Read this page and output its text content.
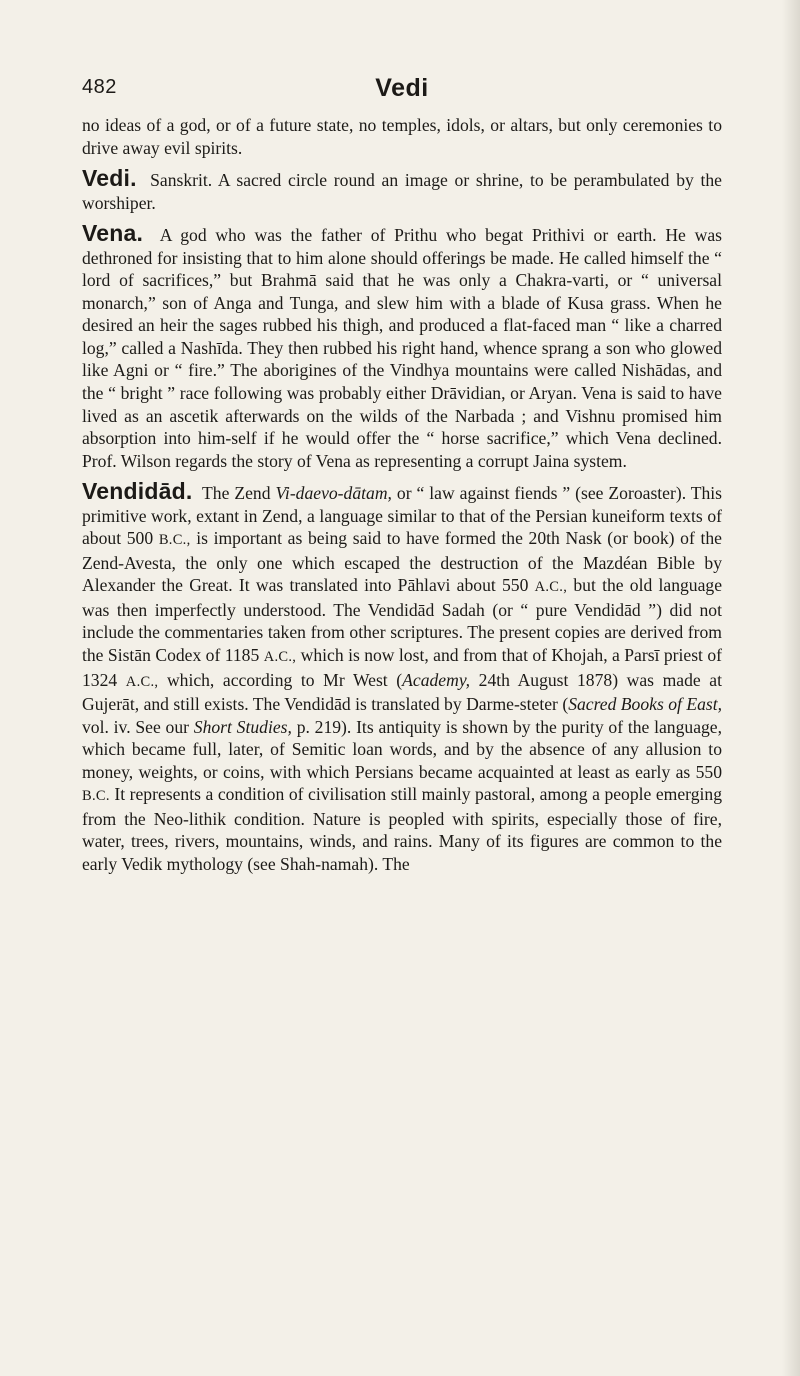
482	Vedi

no ideas of a god, or of a future state, no temples, idols, or altars, but only ceremonies to drive away evil spirits.

Vedi. Sanskrit. A sacred circle round an image or shrine, to be perambulated by the worshiper.

Vena. A god who was the father of Prithu who begat Prithivi or earth. He was dethroned for insisting that to him alone should offerings be made. He called himself the “ lord of sacrifices,” but Brahmā said that he was only a Chakra-varti, or “ universal monarch,” son of Anga and Tunga, and slew him with a blade of Kusa grass. When he desired an heir the sages rubbed his thigh, and produced a flat-faced man “ like a charred log,” called a Nashīda. They then rubbed his right hand, whence sprang a son who glowed like Agni or “ fire.” The aborigines of the Vindhya mountains were called Nishādas, and the “ bright ” race following was probably either Drāvidian, or Aryan. Vena is said to have lived as an ascetik afterwards on the wilds of the Narbada ; and Vishnu promised him absorption into him-self if he would offer the “ horse sacrifice,” which Vena declined. Prof. Wilson regards the story of Vena as representing a corrupt Jaina system.

Vendidād. The Zend Vi-daevo-dātam, or “ law against fiends ” (see Zoroaster). This primitive work, extant in Zend, a language similar to that of the Persian kuneiform texts of about 500 B.C., is important as being said to have formed the 20th Nask (or book) of the Zend-Avesta, the only one which escaped the destruction of the Mazdéan Bible by Alexander the Great. It was translated into Pāhlavi about 550 A.C., but the old language was then imperfectly understood. The Vendidād Sadah (or “ pure Vendidād ”) did not include the commentaries taken from other scriptures. The present copies are derived from the Sistān Codex of 1185 A.C., which is now lost, and from that of Khojah, a Parsī priest of 1324 A.C., which, according to Mr West (Academy, 24th August 1878) was made at Gujerāt, and still exists. The Vendidād is translated by Darme-steter (Sacred Books of East, vol. iv. See our Short Studies, p. 219). Its antiquity is shown by the purity of the language, which became full, later, of Semitic loan words, and by the absence of any allusion to money, weights, or coins, with which Persians became acquainted at least as early as 550 B.C. It represents a condition of civilisation still mainly pastoral, among a people emerging from the Neo-lithik condition. Nature is peopled with spirits, especially those of fire, water, trees, rivers, mountains, winds, and rains. Many of its figures are common to the early Vedik mythology (see Shah-namah). The
